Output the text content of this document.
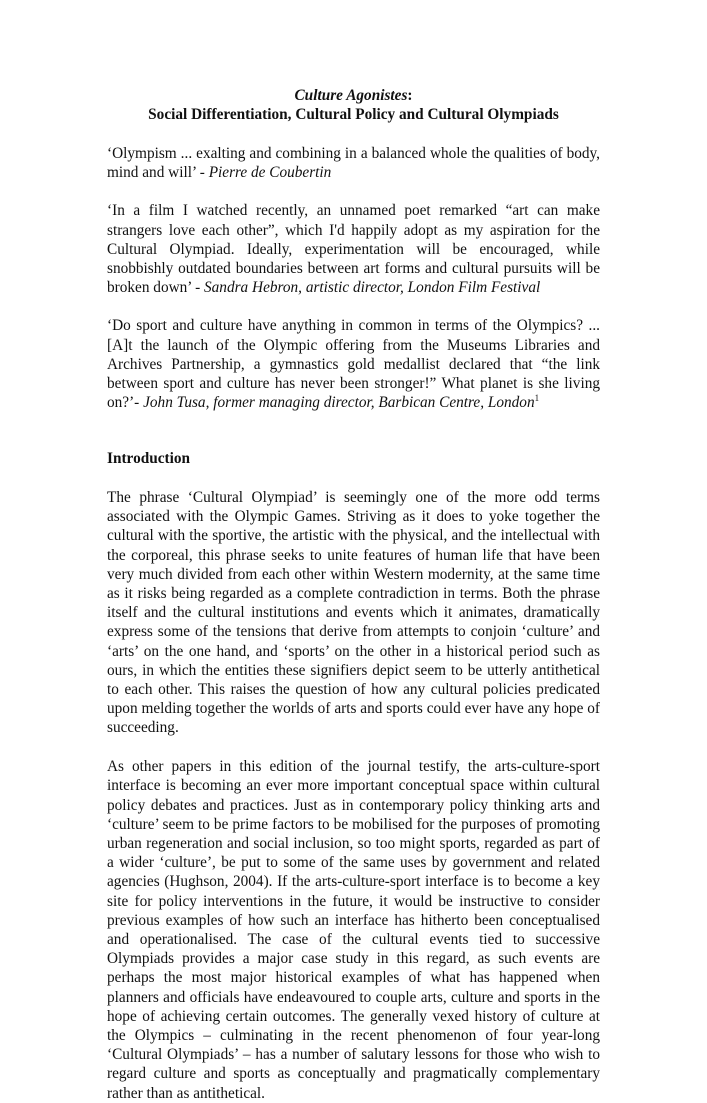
Culture Agonistes:
Social Differentiation, Cultural Policy and Cultural Olympiads

‘Olympism ... exalting and combining in a balanced whole the qualities of body, mind and will’ - Pierre de Coubertin

‘In a film I watched recently, an unnamed poet remarked “art can make strangers love each other”, which I'd happily adopt as my aspiration for the Cultural Olympiad. Ideally, experimentation will be encouraged, while snobbishly outdated boundaries between art forms and cultural pursuits will be broken down’ - Sandra Hebron, artistic director, London Film Festival

‘Do sport and culture have anything in common in terms of the Olympics? ... [A]t the launch of the Olympic offering from the Museums Libraries and Archives Partnership, a gymnastics gold medallist declared that “the link between sport and culture has never been stronger!” What planet is she living on?’- John Tusa, former managing director, Barbican Centre, London$^1$

Introduction

The phrase ‘Cultural Olympiad’ is seemingly one of the more odd terms associated with the Olympic Games. Striving as it does to yoke together the cultural with the sportive, the artistic with the physical, and the intellectual with the corporeal, this phrase seeks to unite features of human life that have been very much divided from each other within Western modernity, at the same time as it risks being regarded as a complete contradiction in terms. Both the phrase itself and the cultural institutions and events which it animates, dramatically express some of the tensions that derive from attempts to conjoin ‘culture’ and ‘arts’ on the one hand, and ‘sports’ on the other in a historical period such as ours, in which the entities these signifiers depict seem to be utterly antithetical to each other. This raises the question of how any cultural policies predicated upon melding together the worlds of arts and sports could ever have any hope of succeeding.

As other papers in this edition of the journal testify, the arts-culture-sport interface is becoming an ever more important conceptual space within cultural policy debates and practices. Just as in contemporary policy thinking arts and ‘culture’ seem to be prime factors to be mobilised for the purposes of promoting urban regeneration and social inclusion, so too might sports, regarded as part of a wider ‘culture’, be put to some of the same uses by government and related agencies (Hughson, 2004). If the arts-culture-sport interface is to become a key site for policy interventions in the future, it would be instructive to consider previous examples of how such an interface has hitherto been conceptualised and operationalised. The case of the cultural events tied to successive Olympiads provides a major case study in this regard, as such events are perhaps the most major historical examples of what has happened when planners and officials have endeavoured to couple arts, culture and sports in the hope of achieving certain outcomes. The generally vexed history of culture at the Olympics – culminating in the recent phenomenon of four year-long ‘Cultural Olympiads’ – has a number of salutary lessons for those who wish to regard culture and sports as conceptually and pragmatically complementary rather than as antithetical.
